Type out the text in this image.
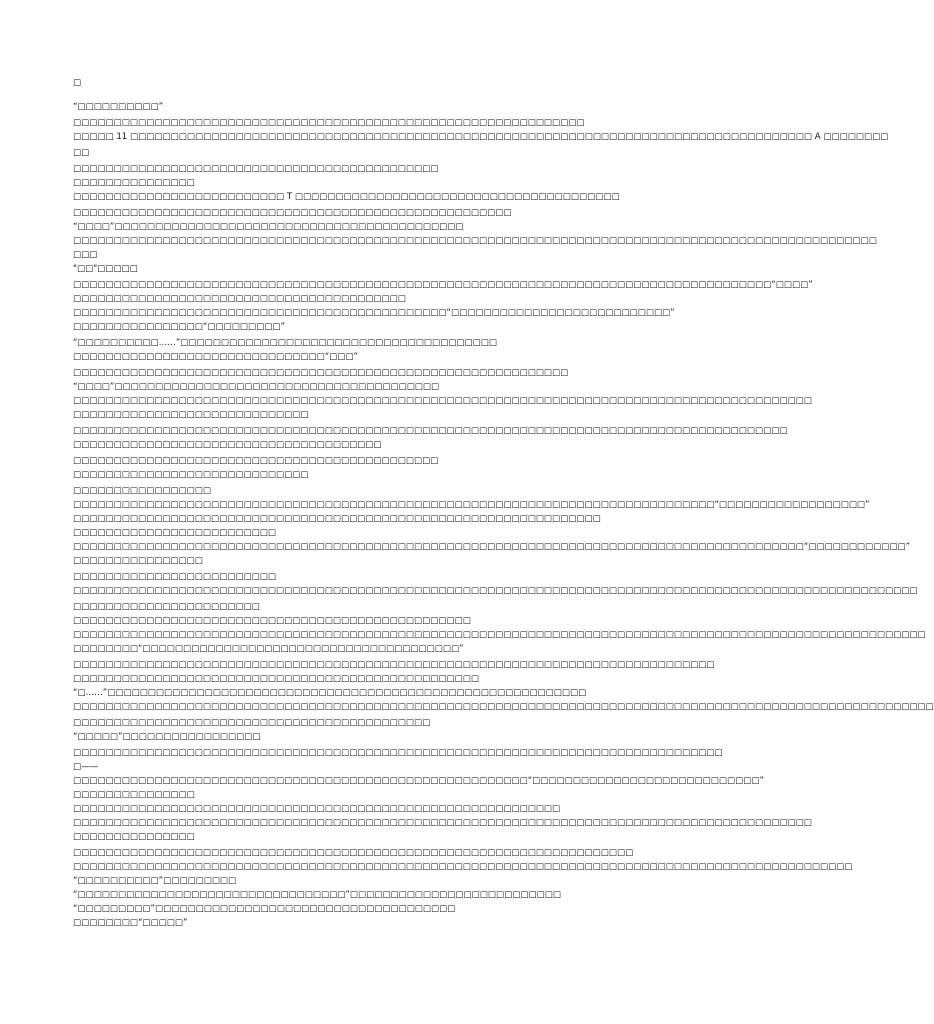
□
“□□□□□□□□□□”
□□□□□□□□□□□□□□□□□□□□□□□□□□□□□□□□□□□□□□□□□□□□□□□□□□□□□□□□□□□□□□□
□□□□□ 11 □□□□□□□□□□□□□□□□□□□□□□□□□□□□□□□□□□□□□□□□□□□□□□□□□□□□□□□□□□□□□□□□□□□□□□□□□□□□□□□□□□□□ A □□□□□□□□
□□
□□□□□□□□□□□□□□□□□□□□□□□□□□□□□□□□□□□□□□□□□□□□□
□□□□□□□□□□□□□□□
□□□□□□□□□□□□□□□□□□□□□□□□□□ T □□□□□□□□□□□□□□□□□□□□□□□□□□□□□□□□□□□□□□□□
□□□□□□□□□□□□□□□□□□□□□□□□□□□□□□□□□□□□□□□□□□□□□□□□□□□□□□
“□□□□”□□□□□□□□□□□□□□□□□□□□□□□□□□□□□□□□□□□□□□□□□□□
□□□□□□□□□□□□□□□□□□□□□□□□□□□□□□□□□□□□□□□□□□□□□□□□□□□□□□□□□□□□□□□□□□□□□□□□□□□□□□□□□□□□□□□□□□□□□□□□□□□
□□□
"□□"□□□□□
□□□□□□□□□□□□□□□□□□□□□□□□□□□□□□□□□□□□□□□□□□□□□□□□□□□□□□□□□□□□□□□□□□□□□□□□□□□□□□□□□□□□□□“□□□□”
□□□□□□□□□□□□□□□□□□□□□□□□□□□□□□□□□□□□□□□□□
□□□□□□□□□□□□□□□□□□□□□□□□□□□□□□□□□□□□□□□□□□□□□□“□□□□□□□□□□□□□□□□□□□□□□□□□□□”
□□□□□□□□□□□□□□□□“□□□□□□□□□”
“□□□□□□□□□□……”□□□□□□□□□□□□□□□□□□□□□□□□□□□□□□□□□□□□□□□
□□□□□□□□□□□□□□□□□□□□□□□□□□□□□□□“□□□”
□□□□□□□□□□□□□□□□□□□□□□□□□□□□□□□□□□□□□□□□□□□□□□□□□□□□□□□□□□□□□
“□□□□”□□□□□□□□□□□□□□□□□□□□□□□□□□□□□□□□□□□□□□□□
□□□□□□□□□□□□□□□□□□□□□□□□□□□□□□□□□□□□□□□□□□□□□□□□□□□□□□□□□□□□□□□□□□□□□□□□□□□□□□□□□□□□□□□□□□□
□□□□□□□□□□□□□□□□□□□□□□□□□□□□□
□□□□□□□□□□□□□□□□□□□□□□□□□□□□□□□□□□□□□□□□□□□□□□□□□□□□□□□□□□□□□□□□□□□□□□□□□□□□□□□□□□□□□□□□
□□□□□□□□□□□□□□□□□□□□□□□□□□□□□□□□□□□□□□
□□□□□□□□□□□□□□□□□□□□□□□□□□□□□□□□□□□□□□□□□□□□□
□□□□□□□□□□□□□□□□□□□□□□□□□□□□□
□□□□□□□□□□□□□□□□□
□□□□□□□□□□□□□□□□□□□□□□□□□□□□□□□□□□□□□□□□□□□□□□□□□□□□□□□□□□□□□□□□□□□□□□□□□□□□□□□“□□□□□□□□□□□□□□□□□□”
□□□□□□□□□□□□□□□□□□□□□□□□□□□□□□□□□□□□□□□□□□□□□□□□□□□□□□□□□□□□□□□□□
□□□□□□□□□□□□□□□□□□□□□□□□□
□□□□□□□□□□□□□□□□□□□□□□□□□□□□□□□□□□□□□□□□□□□□□□□□□□□□□□□□□□□□□□□□□□□□□□□□□□□□□□□□□□□□□□□□□□“□□□□□□□□□□□□”
□□□□□□□□□□□□□□□□
□□□□□□□□□□□□□□□□□□□□□□□□□
□□□□□□□□□□□□□□□□□□□□□□□□□□□□□□□□□□□□□□□□□□□□□□□□□□□□□□□□□□□□□□□□□□□□□□□□□□□□□□□□□□□□□□□□□□□□□□□□□□□□□□□□
□□□□□□□□□□□□□□□□□□□□□□□
□□□□□□□□□□□□□□□□□□□□□□□□□□□□□□□□□□□□□□□□□□□□□□□□□
□□□□□□□□□□□□□□□□□□□□□□□□□□□□□□□□□□□□□□□□□□□□□□□□□□□□□□□□□□□□□□□□□□□□□□□□□□□□□□□□□□□□□□□□□□□□□□□□□□□□□□□□□
□□□□□□□□“□□□□□□□□□□□□□□□□□□□□□□□□□□□□□□□□□□□□□□□”
□□□□□□□□□□□□□□□□□□□□□□□□□□□□□□□□□□□□□□□□□□□□□□□□□□□□□□□□□□□□□□□□□□□□□□□□□□□□□□□
□□□□□□□□□□□□□□□□□□□□□□□□□□□□□□□□□□□□□□□□□□□□□□□□□□
“□……”□□□□□□□□□□□□□□□□□□□□□□□□□□□□□□□□□□□□□□□□□□□□□□□□□□□□□□□□□□□
□□□□□□□□□□□□□□□□□□□□□□□□□□□□□□□□□□□□□□□□□□□□□□□□□□□□□□□□□□□□□□□□□□□□□□□□□□□□□□□□□□□□□□□□□□□□□□□□□□□□□□□□□□
□□□□□□□□□□□□□□□□□□□□□□□□□□□□□□□□□□□□□□□□□□□□
“□□□□□”□□□□□□□□□□□□□□□□□
□□□□□□□□□□□□□□□□□□□□□□□□□□□□□□□□□□□□□□□□□□□□□□□□□□□□□□□□□□□□□□□□□□□□□□□□□□□□□□□□
□——
□□□□□□□□□□□□□□□□□□□□□□□□□□□□□□□□□□□□□□□□□□□□□□□□□□□□□□□□“□□□□□□□□□□□□□□□□□□□□□□□□□□□□”
□□□□□□□□□□□□□□□
□□□□□□□□□□□□□□□□□□□□□□□□□□□□□□□□□□□□□□□□□□□□□□□□□□□□□□□□□□□□
□□□□□□□□□□□□□□□□□□□□□□□□□□□□□□□□□□□□□□□□□□□□□□□□□□□□□□□□□□□□□□□□□□□□□□□□□□□□□□□□□□□□□□□□□□□
□□□□□□□□□□□□□□□
□□□□□□□□□□□□□□□□□□□□□□□□□□□□□□□□□□□□□□□□□□□□□□□□□□□□□□□□□□□□□□□□□□□□□
□□□□□□□□□□□□□□□□□□□□□□□□□□□□□□□□□□□□□□□□□□□□□□□□□□□□□□□□□□□□□□□□□□□□□□□□□□□□□□□□□□□□□□□□□□□□□□□□
“□□□□□□□□□□”□□□□□□□□□
“□□□□□□□□□□□□□□□□□□□□□□□□□□□□□□□□□”□□□□□□□□□□□□□□□□□□□□□□□□□□
“□□□□□□□□□”□□□□□□□□□□□□□□□□□□□□□□□□□□□□□□□□□□□□□
□□□□□□□□“□□□□□”
